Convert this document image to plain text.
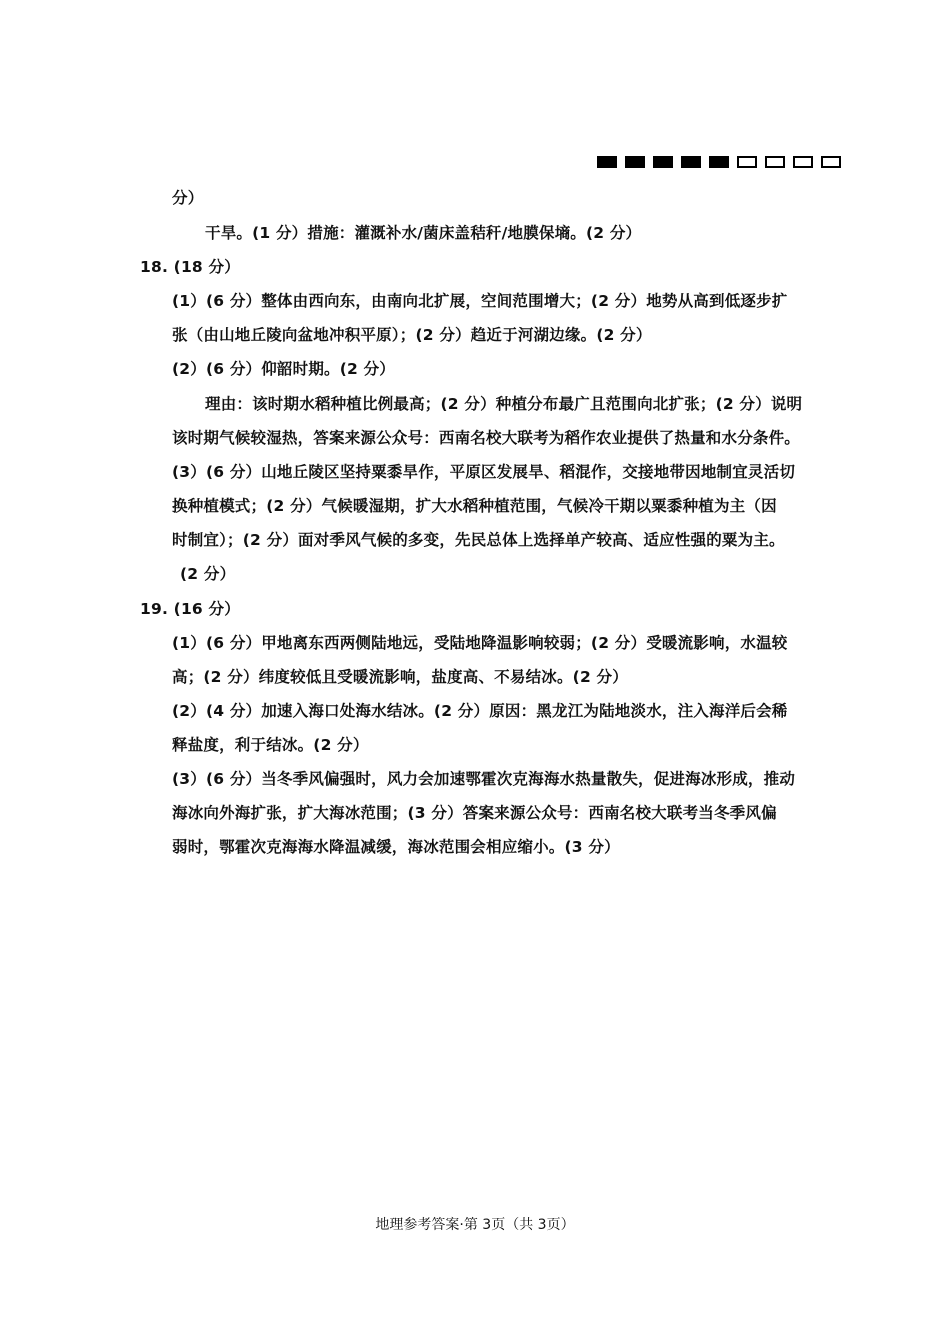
分）
干旱。(1 分）措施：灌溉补水/菌床盖秸秆/地膜保墒。(2 分）
18. (18 分）
(1）(6 分）整体由西向东，由南向北扩展，空间范围增大；(2 分）地势从高到低逐步扩
张（由山地丘陵向盆地冲积平原）；(2 分）趋近于河湖边缘。(2 分）
(2）(6 分）仰韶时期。(2 分）
理由：该时期水稻种植比例最高；(2 分）种植分布最广且范围向北扩张；(2 分）说明
该时期气候较湿热，答案来源公众号：西南名校大联考为稻作农业提供了热量和水分条件。
(3）(6 分）山地丘陵区坚持粟黍旱作，平原区发展旱、稻混作，交接地带因地制宜灵活切
换种植模式；(2 分）气候暖湿期，扩大水稻种植范围，气候冷干期以粟黍种植为主（因
时制宜）；(2 分）面对季风气候的多变，先民总体上选择单产较高、适应性强的粟为主。
(2 分）
19. (16 分）
(1）(6 分）甲地离东西两侧陆地远，受陆地降温影响较弱；(2 分）受暖流影响，水温较
高；(2 分）纬度较低且受暖流影响，盐度高、不易结冰。(2 分）
(2）(4 分）加速入海口处海水结冰。(2 分）原因：黑龙江为陆地淡水，注入海洋后会稀
释盐度，利于结冰。(2 分）
(3）(6 分）当冬季风偏强时，风力会加速鄂霍次克海海水热量散失，促进海冰形成，推动
海冰向外海扩张，扩大海冰范围；(3 分）答案来源公众号：西南名校大联考当冬季风偏
弱时，鄂霍次克海海水降温减缓，海冰范围会相应缩小。(3 分）
地理参考答案·第 3页（共 3页）
